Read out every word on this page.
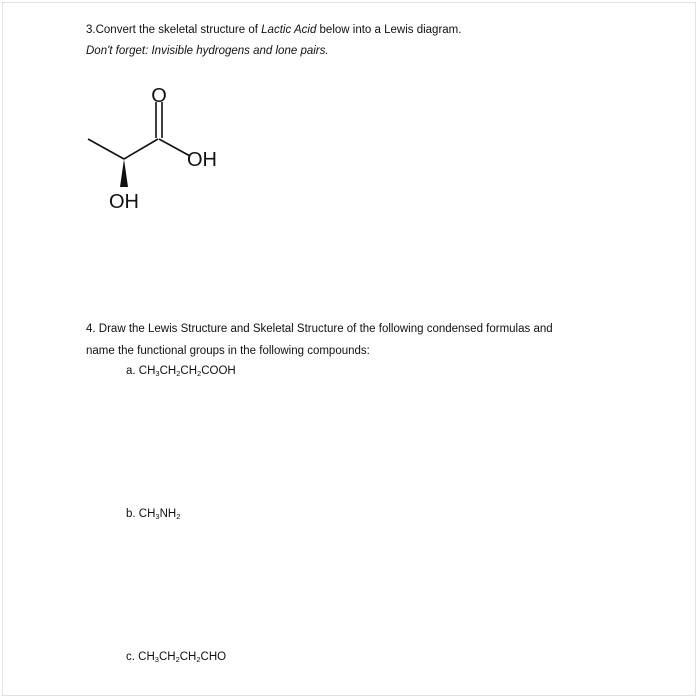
3.Convert the skeletal structure of Lactic Acid below into a Lewis diagram.
Don't forget: Invisible hydrogens and lone pairs.
O
OH
OH
4. Draw the Lewis Structure and Skeletal Structure of the following condensed formulas and
name the functional groups in the following compounds:
a. $CH_3CH_2CH_2COOH$
b. $CH_3NH_2$
c. $CH_3CH_2CH_2CHO$
